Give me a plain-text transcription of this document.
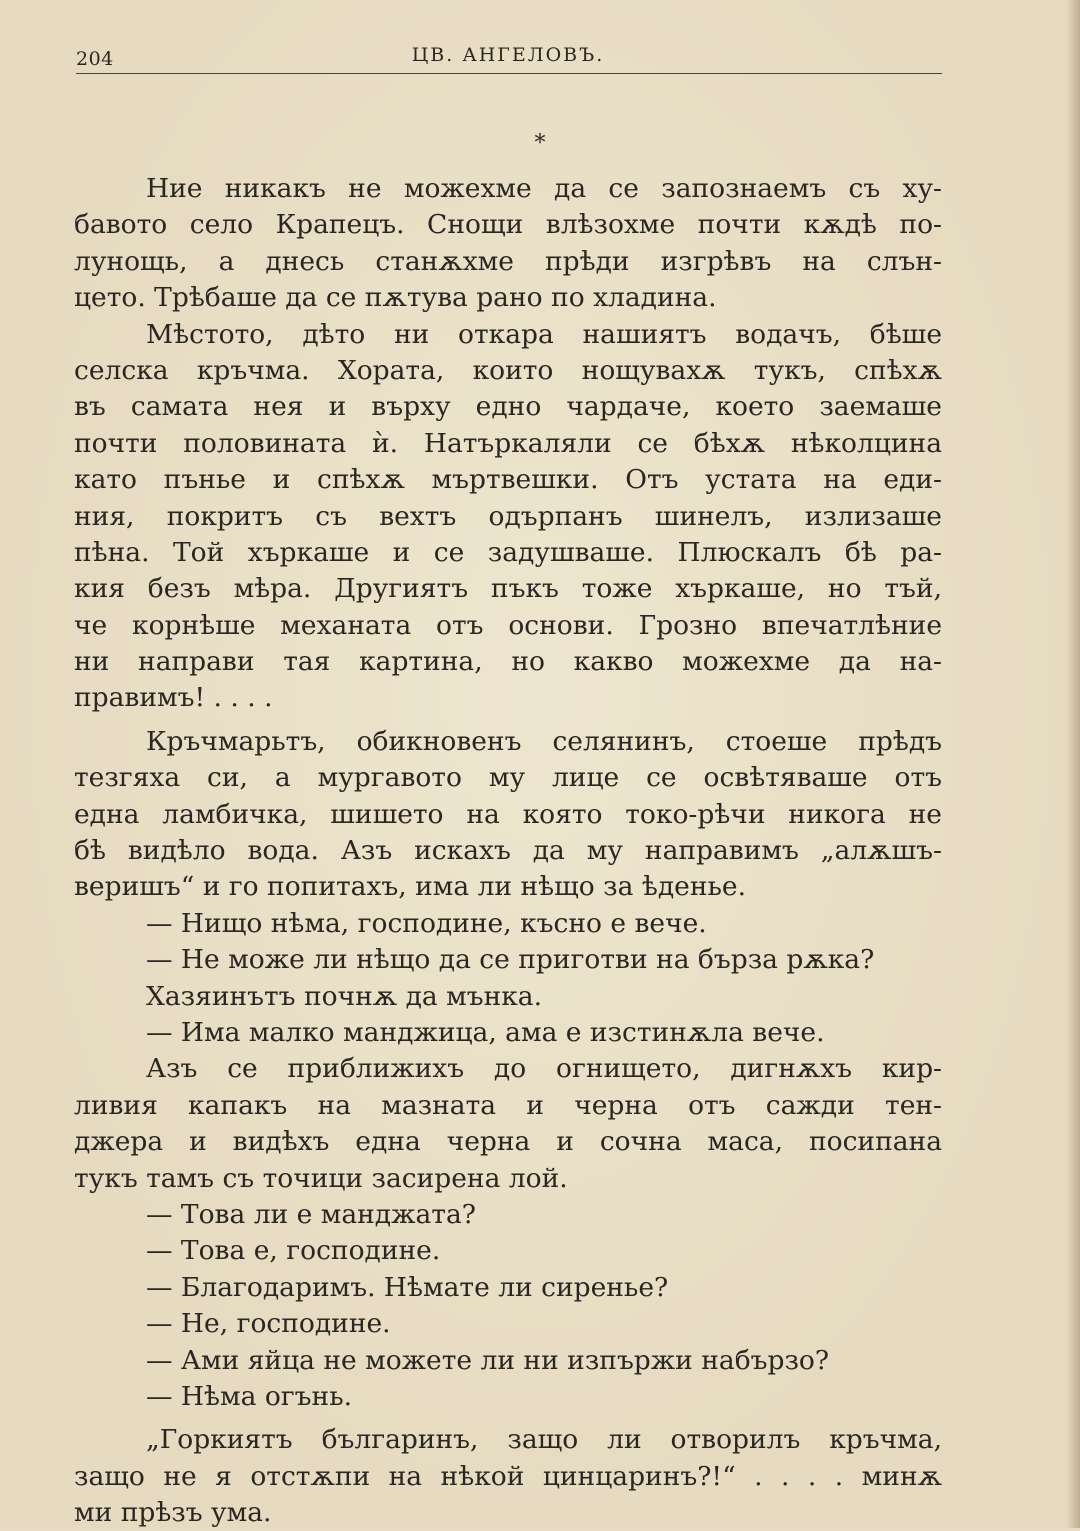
204	ЦВ. АНГЕЛОВЪ.
*

Ние никакъ не можехме да се запознаемъ съ ху-
бавото село Крапецъ. Снощи влѣзохме почти кѫдѣ по-
лунощь, а днесь станѫхме прѣди изгрѣвъ на слън-
цето. Трѣбаше да се пѫтува рано по хладина.

Мѣстото, дѣто ни откара нашиятъ водачъ, бѣше
селска кръчма. Хората, които нощувахѫ тукъ, спѣхѫ
въ самата нея и върху едно чардаче, което заемаше
почти половината ѝ. Натъркаляли се бѣхѫ нѣколцина
като пъньe и спѣхѫ мъртвешки. Отъ устата на еди-
ния, покритъ съ вехтъ одърпанъ шинелъ, излизаше
пѣна. Той хъркаше и се задушваше. Плюскалъ бѣ ра-
кия безъ мѣра. Другиятъ пъкъ тоже хъркаше, но тъй,
че корнѣше механата отъ основи. Грозно впечатлѣние
ни направи тая картина, но какво можехме да на-
правимъ! . . . .

Кръчмарьтъ, обикновенъ селянинъ, стоеше прѣдъ
тезгяха си, а мургавото му лице се освѣтяваше отъ
една ламбичка, шишето на която токо-рѣчи никога не
бѣ видѣло вода. Азъ искахъ да му направимъ „алѫшъ-
веришъ“ и го попитахъ, има ли нѣщо за ѣденье.

— Нищо нѣма, господине, късно е вече.

— Не може ли нѣщо да се приготви на бърза рѫка?

Хазяинътъ почнѫ да мънка.

— Има малко манджица, ама е изстинѫла вече.

Азъ се приближихъ до огнището, дигнѫхъ кир-
ливия капакъ на мазната и черна отъ сажди тен-
джера и видѣхъ една черна и сочна маса, посипана
тукъ тамъ съ точици засирена лой.

— Това ли е манджата?

— Това е, господине.

— Благодаримъ. Нѣмате ли сиренье?

— Не, господине.

— Ами яйца не можете ли ни изпържи набързо?

— Нѣма огънь.

„Горкиятъ българинъ, защо ли отворилъ кръчма,
защо не я отстѫпи на нѣкой цинцаринъ?!“ . . . . минѫ
ми прѣзъ ума.
